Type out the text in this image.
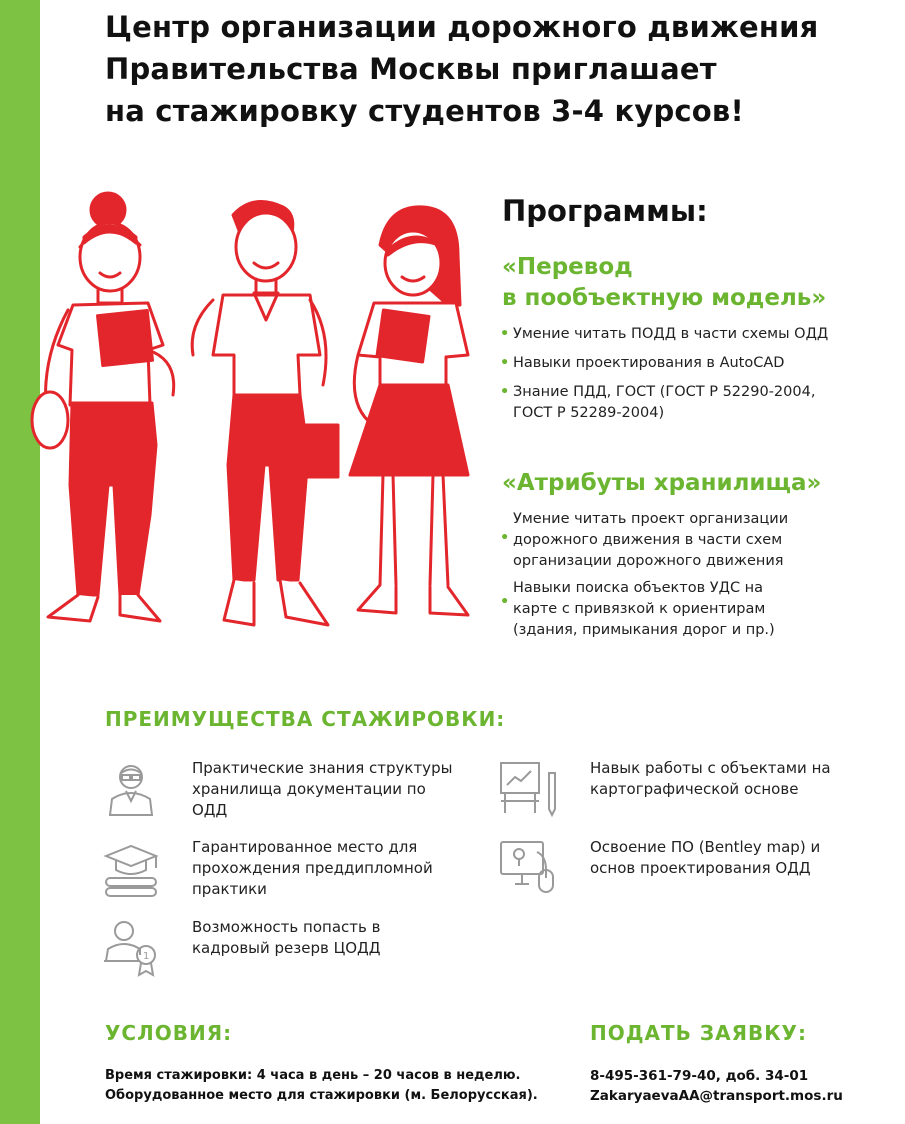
Центр организации дорожного движения
Правительства Москвы приглашает
на стажировку студентов 3-4 курсов!
Программы:
«Перевод
в пообъектную модель»
• Умение читать ПОДД в части схемы ОДД
• Навыки проектирования в AutoCAD
• Знание ПДД, ГОСТ (ГОСТ Р 52290-2004, ГОСТ Р 52289-2004)
«Атрибуты хранилища»
•
Умение читать проект организации дорожного движения в части схем организации дорожного движения
•
Навыки поиска объектов УДС на карте с привязкой к ориентирам (здания, примыкания дорог и пр.)
ПРЕИМУЩЕСТВА СТАЖИРОВКИ:
Практические знания структуры хранилища документации по ОДД
Гарантированное место для прохождения преддипломной практики
1
Возможность попасть в кадровый резерв ЦОДД
Навык работы с объектами на картографической основе
Освоение ПО (Bentley map) и основ проектирования ОДД
УСЛОВИЯ:
Время стажировки: 4 часа в день – 20 часов в неделю.
Оборудованное место для стажировки (м. Белорусская).
ПОДАТЬ ЗАЯВКУ:
8-495-361-79-40, доб. 34-01
ZakaryaevaAA@transport.mos.ru
